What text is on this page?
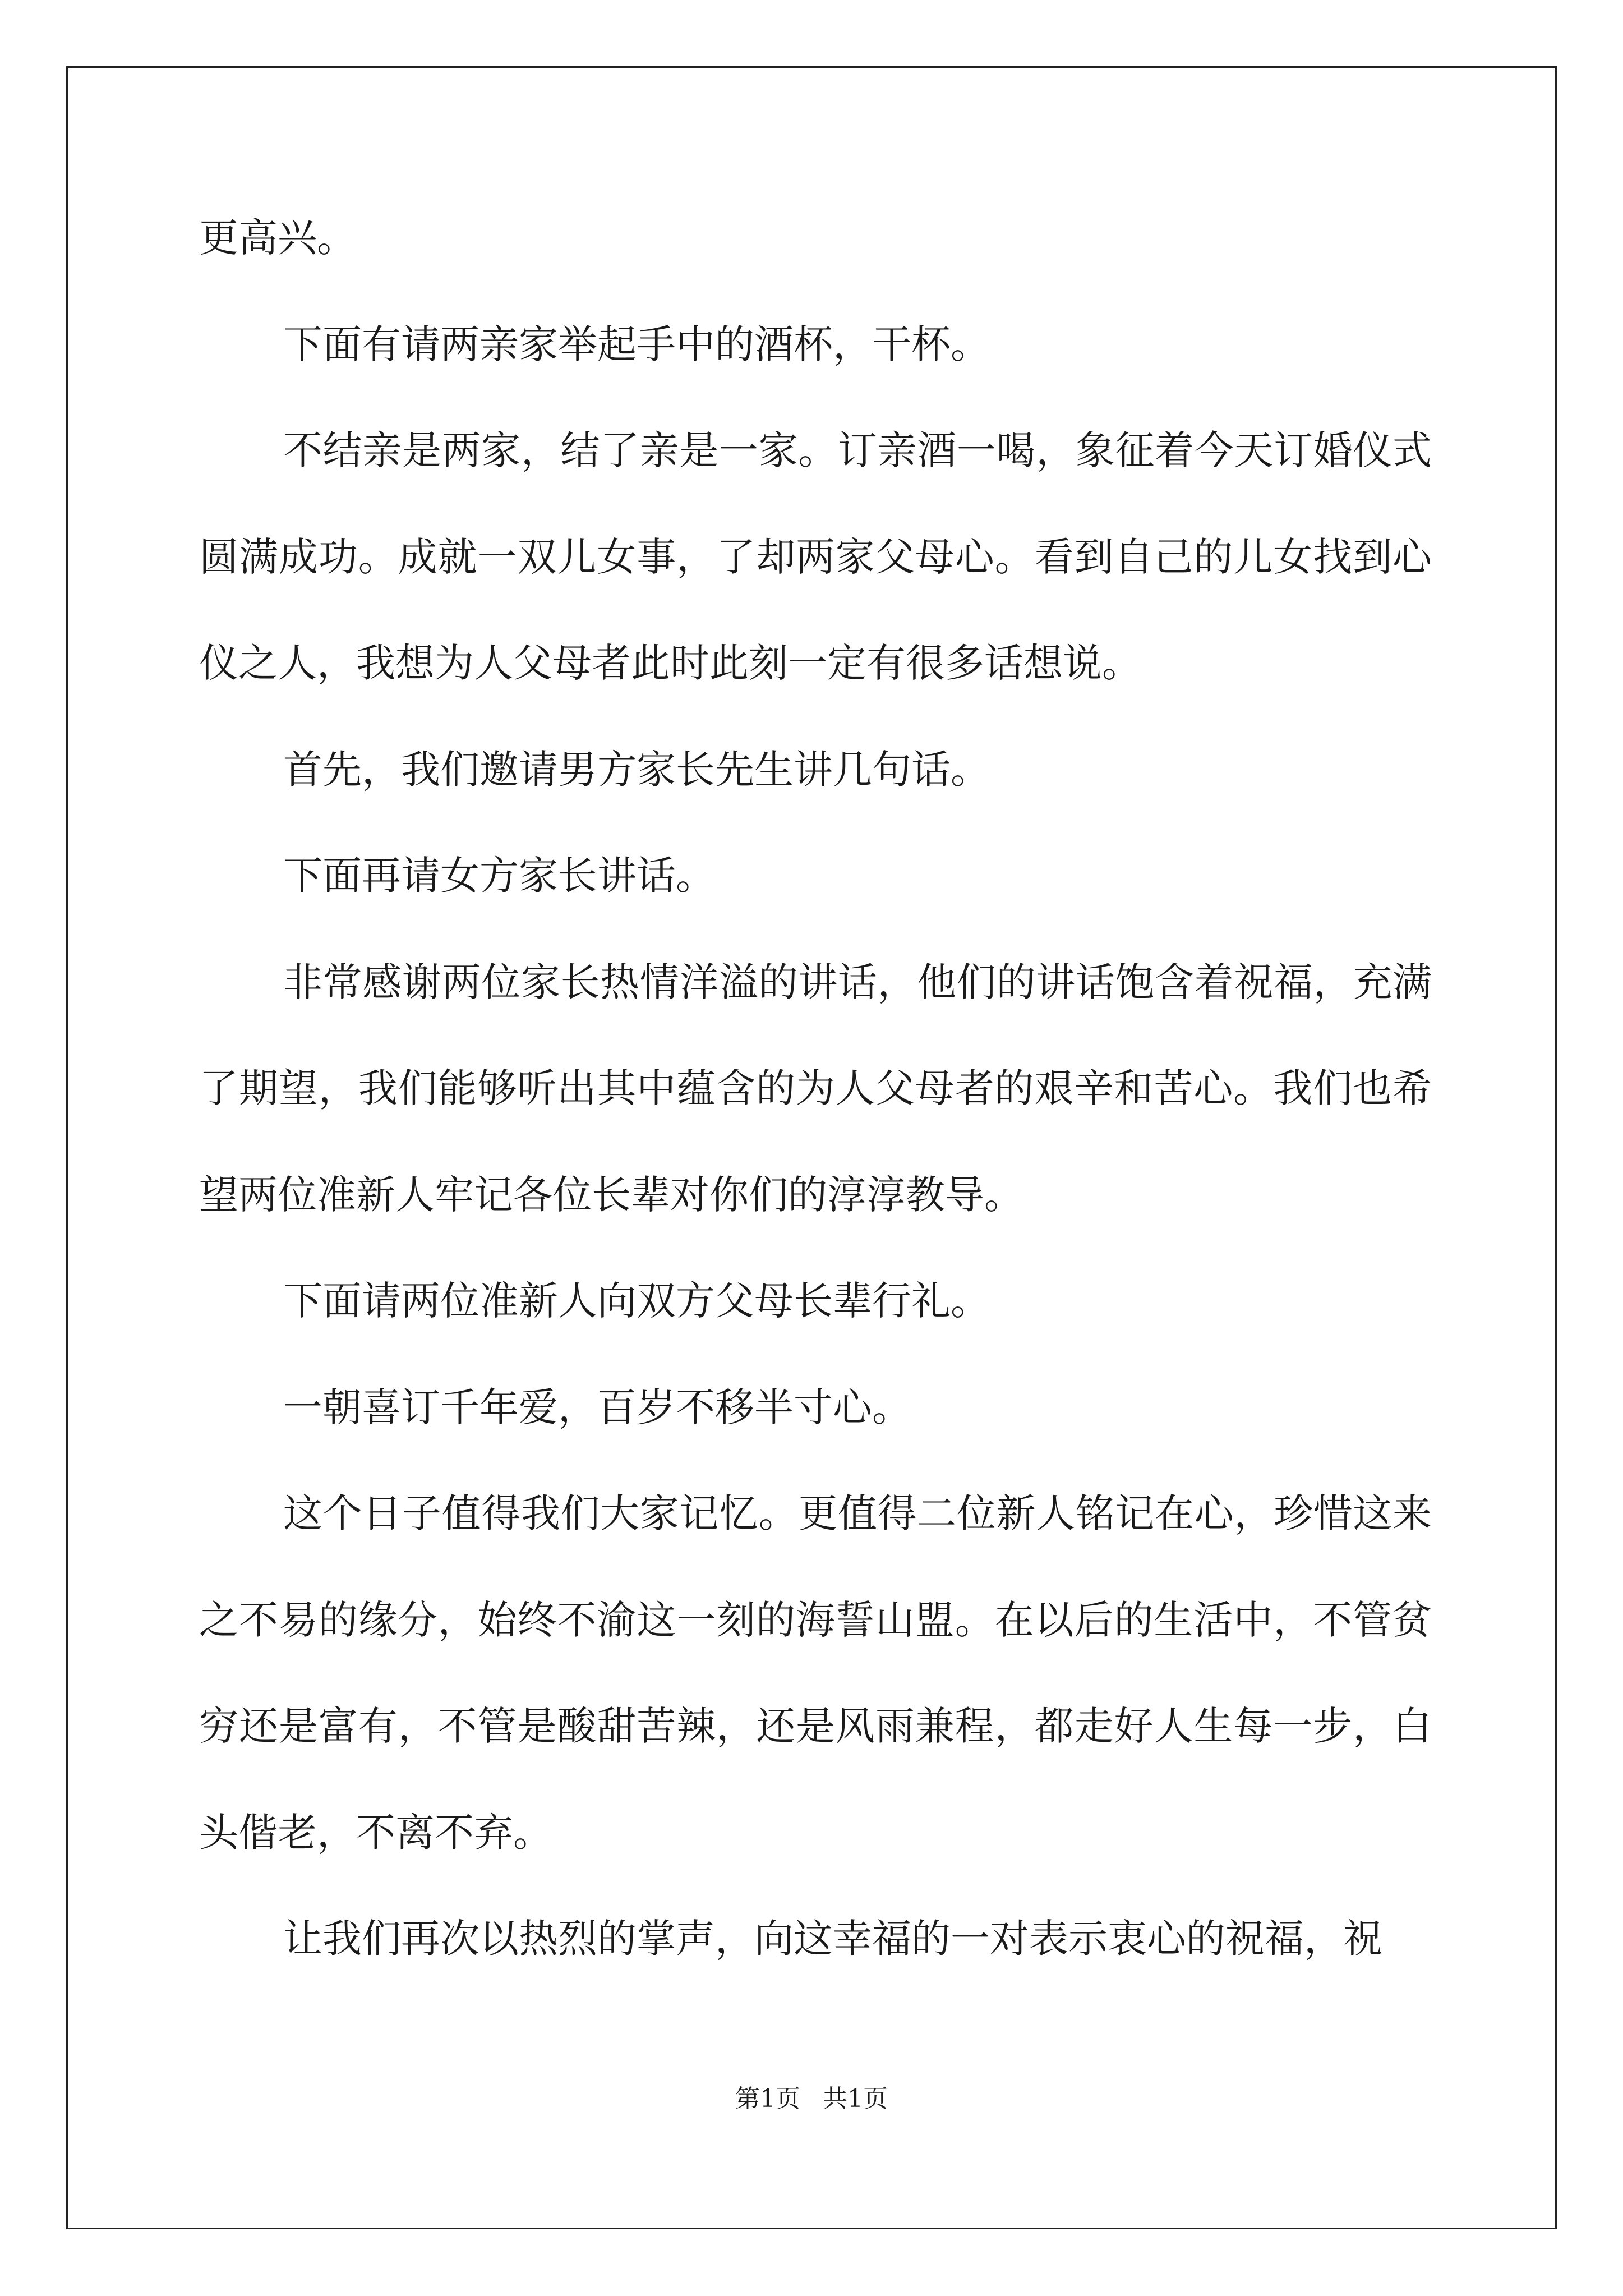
更高兴。

下面有请两亲家举起手中的酒杯，干杯。

不结亲是两家，结了亲是一家。订亲酒一喝，象征着今天订婚仪式圆满成功。成就一双儿女事，了却两家父母心。看到自己的儿女找到心仪之人，我想为人父母者此时此刻一定有很多话想说。

首先，我们邀请男方家长先生讲几句话。

下面再请女方家长讲话。

非常感谢两位家长热情洋溢的讲话，他们的讲话饱含着祝福，充满了期望，我们能够听出其中蕴含的为人父母者的艰辛和苦心。我们也希望两位准新人牢记各位长辈对你们的淳淳教导。

下面请两位准新人向双方父母长辈行礼。

一朝喜订千年爱，百岁不移半寸心。

这个日子值得我们大家记忆。更值得二位新人铭记在心，珍惜这来之不易的缘分，始终不渝这一刻的海誓山盟。在以后的生活中，不管贫穷还是富有，不管是酸甜苦辣，还是风雨兼程，都走好人生每一步，白头偕老，不离不弃。

让我们再次以热烈的掌声，向这幸福的一对表示衷心的祝福，祝

第1页 共1页
